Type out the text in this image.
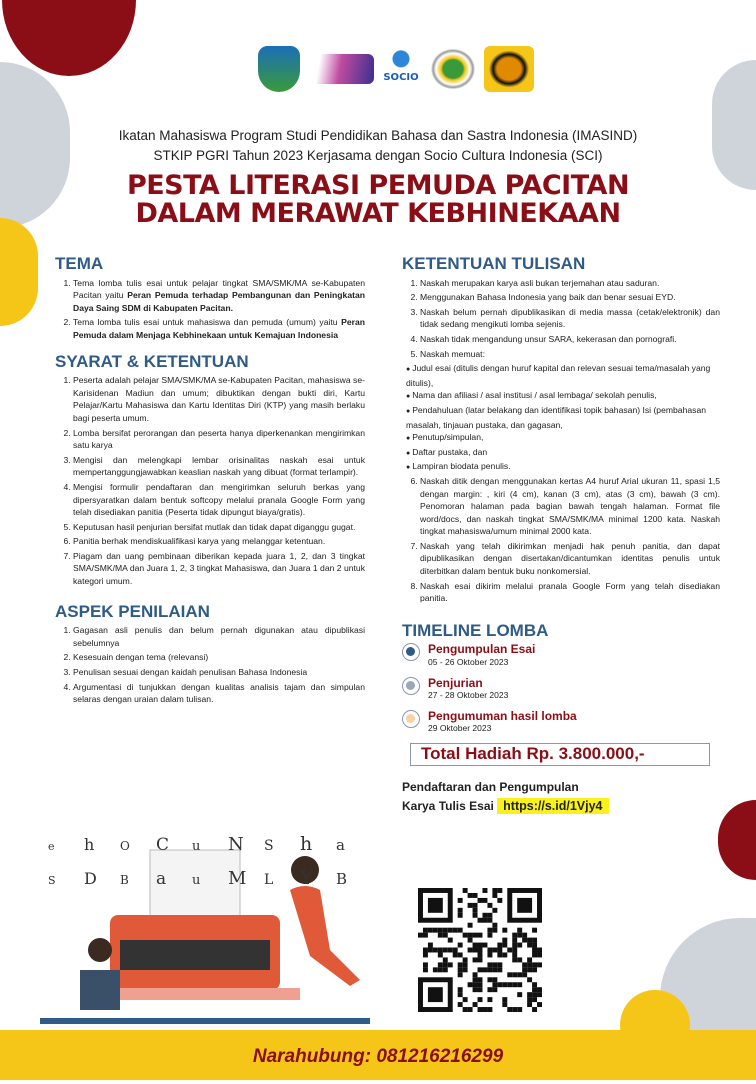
SOCIO
Ikatan Mahasiswa Program Studi Pendidikan Bahasa dan Sastra Indonesia (IMASIND)
STKIP PGRI Tahun 2023 Kerjasama dengan Socio Cultura Indonesia (SCI)
PESTA LITERASI PEMUDA PACITAN
DALAM MERAWAT KEBHINEKAAN
TEMA
1. Tema lomba tulis esai untuk pelajar tingkat SMA/SMK/MA se-Kabupaten Pacitan yaitu Peran Pemuda terhadap Pembangunan dan Peningkatan Daya Saing SDM di Kabupaten Pacitan.
2. Tema lomba tulis esai untuk mahasiswa dan pemuda (umum) yaitu Peran Pemuda dalam Menjaga Kebhinekaan untuk Kemajuan Indonesia
SYARAT & KETENTUAN
1. Peserta adalah pelajar SMA/SMK/MA se-Kabupaten Pacitan, mahasiswa se-Karisidenan Madiun dan umum; dibuktikan dengan bukti diri, Kartu Pelajar/Kartu Mahasiswa dan Kartu Identitas Diri (KTP) yang masih berlaku bagi peserta umum.
2. Lomba bersifat perorangan dan peserta hanya diperkenankan mengirimkan satu karya
3. Mengisi dan melengkapi lembar orisinalitas naskah esai untuk mempertanggungjawabkan keaslian naskah yang dibuat (format terlampir).
4. Mengisi formulir pendaftaran dan mengirimkan seluruh berkas yang dipersyaratkan dalam bentuk softcopy melalui pranala Google Form yang telah disediakan panitia (Peserta tidak dipungut biaya/gratis).
5. Keputusan hasil penjurian bersifat mutlak dan tidak dapat diganggu gugat.
6. Panitia berhak mendiskualifikasi karya yang melanggar ketentuan.
7. Piagam dan uang pembinaan diberikan kepada juara 1, 2, dan 3 tingkat SMA/SMK/MA dan Juara 1, 2, 3 tingkat Mahasiswa, dan Juara 1 dan 2 untuk kategori umum.
ASPEK PENILAIAN
1. Gagasan asli penulis dan belum pernah digunakan atau dipublikasi sebelumnya
2. Kesesuain dengan tema (relevansi)
3. Penulisan sesuai dengan kaidah penulisan Bahasa Indonesia
4. Argumentasi di tunjukkan dengan kualitas analisis tajam dan simpulan selaras dengan uraian dalam tulisan.
KETENTUAN TULISAN
1. Naskah merupakan karya asli bukan terjemahan atau saduran.
2. Menggunakan Bahasa Indonesia yang baik dan benar sesuai EYD.
3. Naskah belum pernah dipublikasikan di media massa (cetak/elektronik) dan tidak sedang mengikuti lomba sejenis.
4. Naskah tidak mengandung unsur SARA, kekerasan dan pornografi.
5. Naskah memuat:
● Judul esai (ditulis dengan huruf kapital dan relevan sesuai tema/masalah yang ditulis),
● Nama dan afiliasi / asal institusi / asal lembaga/ sekolah penulis,
● Pendahuluan (latar belakang dan identifikasi topik bahasan) Isi (pembahasan masalah, tinjauan pustaka, dan gagasan,
● Penutup/simpulan,
● Daftar pustaka, dan
● Lampiran biodata penulis.
6. Naskah ditik dengan menggunakan kertas A4 huruf Arial ukuran 11, spasi 1,5 dengan margin: , kiri (4 cm), kanan (3 cm), atas (3 cm), bawah (3 cm). Penomoran halaman pada bagian bawah tengah halaman. Format file word/docs, dan naskah tingkat SMA/SMK/MA minimal 1200 kata. Naskah tingkat mahasiswa/umum minimal 2000 kata.
7. Naskah yang telah dikirimkan menjadi hak penuh panitia, dan dapat dipublikasikan dengan disertakan/dicantumkan identitas penulis untuk diterbitkan dalam bentuk buku nonkomersial.
8. Naskah esai dikirim melalui pranala Google Form yang telah disediakan panitia.
TIMELINE LOMBA
Pengumpulan Esai
05 - 26 Oktober 2023
Penjurian
27 - 28 Oktober 2023
Pengumuman hasil lomba
29 Oktober 2023
Total Hadiah Rp. 3.800.000,-
Pendaftaran dan Pengumpulan
Karya Tulis Esai https://s.id/1Vjy4
e h O C u N S h a
S D B a u M L Y B
Narahubung: 081216216299
